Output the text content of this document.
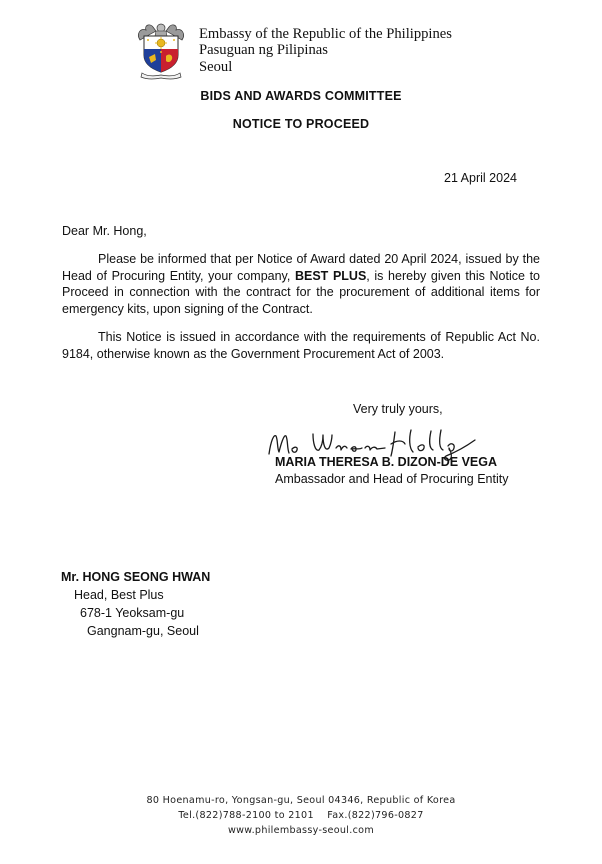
Embassy of the Republic of the Philippines
Pasuguan ng Pilipinas
Seoul
BIDS AND AWARDS COMMITTEE
NOTICE TO PROCEED
21 April 2024
Dear Mr. Hong,
Please be informed that per Notice of Award dated 20 April 2024, issued by the Head of Procuring Entity, your company, BEST PLUS, is hereby given this Notice to Proceed in connection with the contract for the procurement of additional items for emergency kits, upon signing of the Contract.
This Notice is issued in accordance with the requirements of Republic Act No. 9184, otherwise known as the Government Procurement Act of 2003.
Very truly yours,
MARIA THERESA B. DIZON-DE VEGA
Ambassador and Head of Procuring Entity
Mr. HONG SEONG HWAN
Head, Best Plus
678-1 Yeoksam-gu
Gangnam-gu, Seoul
80 Hoenamu-ro, Yongsan-gu, Seoul 04346, Republic of Korea
Tel.(822)788-2100 to 2101    Fax.(822)796-0827
www.philembassy-seoul.com
